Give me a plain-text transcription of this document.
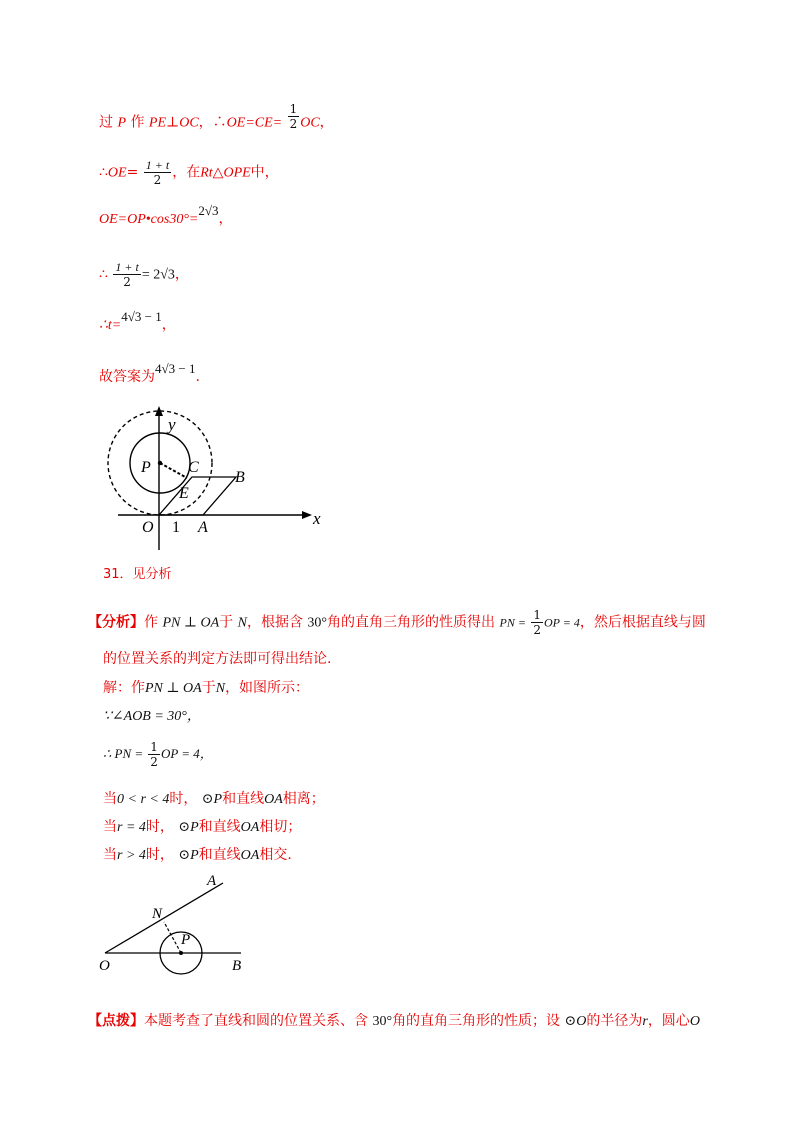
过 P 作 PE⊥OC，∴OE=CE= $\frac{1}{2}$ OC，
∴OE= $\frac{1 + t}{2}$ ，在Rt△OPE中，
OE=OP•cos30°=2√3，
∴ $\frac{1 + t}{2} = 2√3$，
∴t=4√3 − 1，
故答案为4√3 − 1.
y
P C
B
E
O 1 A	x
31．见分析
【分析】作 PN ⊥ OA于 N，根据含 30°角的直角三角形的性质得出 PN = $\frac{1}{2}$ OP = 4，然后根据直线与圆
的位置关系的判定方法即可得出结论.
解：作PN ⊥ OA于N，如图所示：
∵∠AOB = 30°，
∴ PN = $\frac{1}{2}$ OP = 4，
当0 < r < 4时， ⊙P和直线OA相离；
当r = 4时， ⊙P和直线OA相切；
当r > 4时， ⊙P和直线OA相交.
A
N
P
O	B
【点拨】本题考查了直线和圆的位置关系、含 30°角的直角三角形的性质；设 ⊙O的半径为r，圆心O
